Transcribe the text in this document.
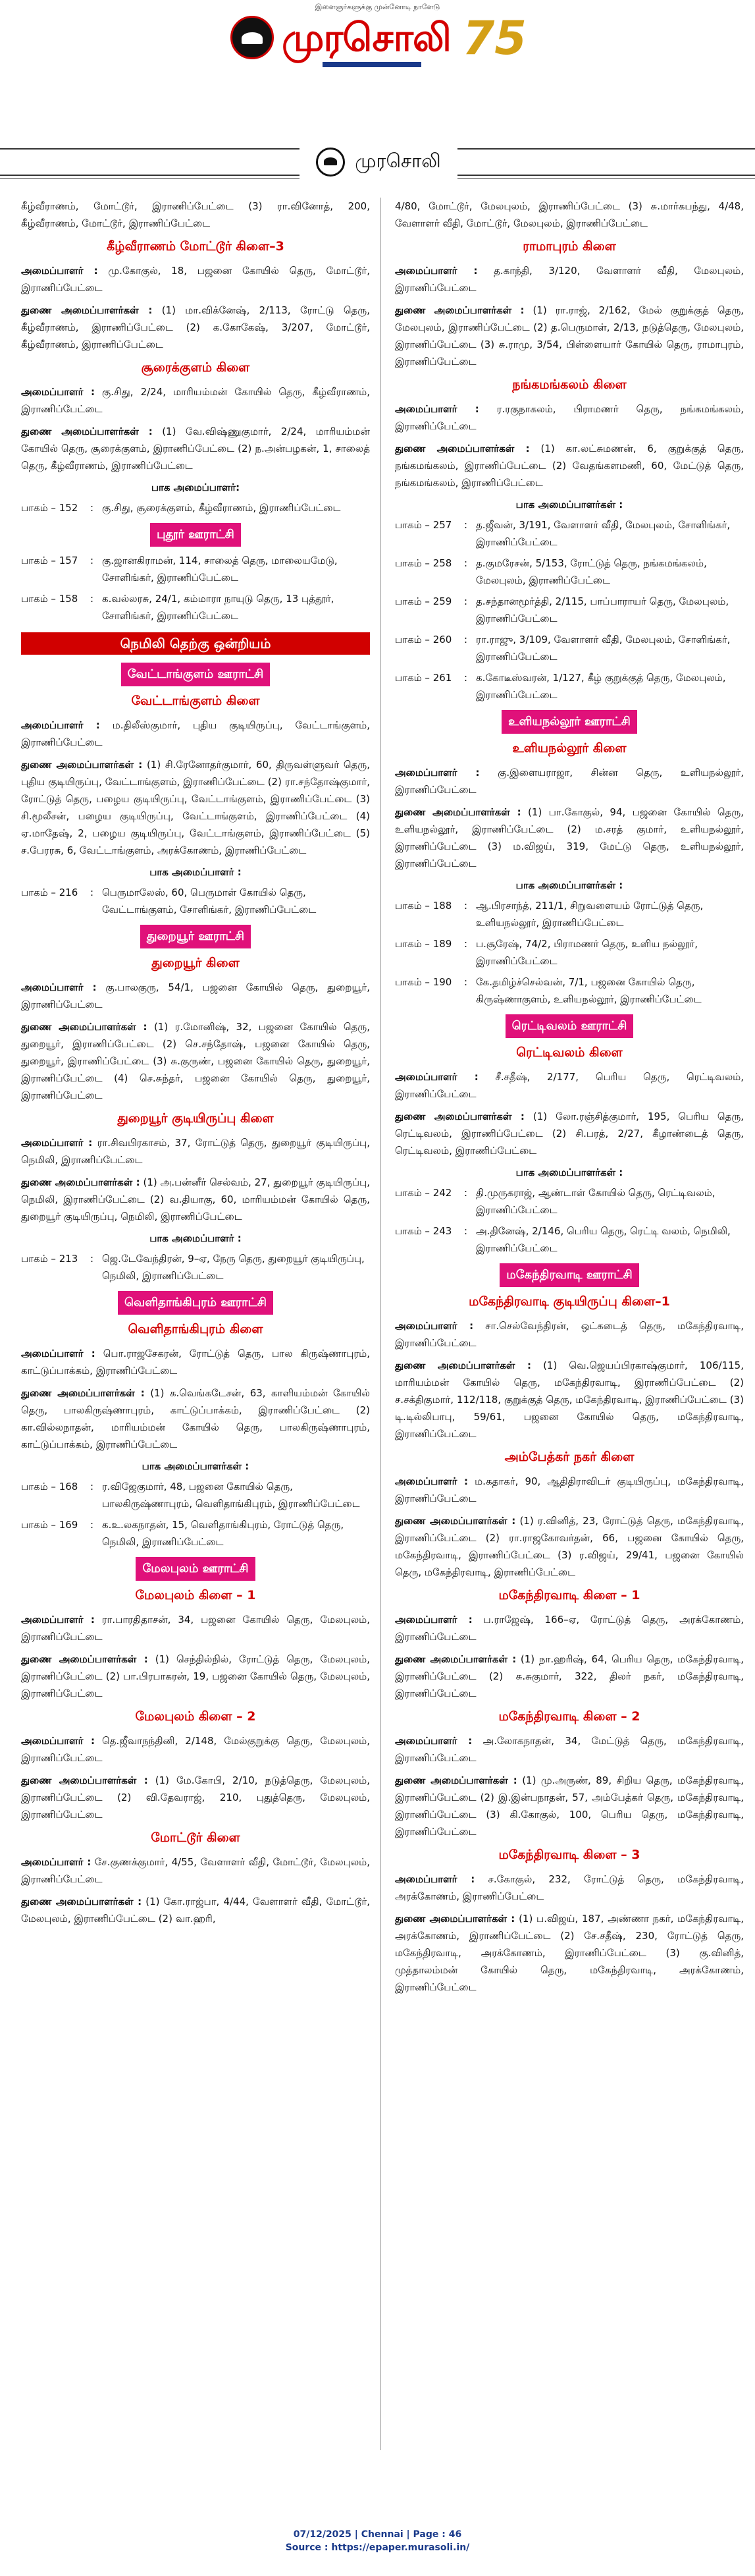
இளைஞர்களுக்கு முன்னோடி நாளேடு
முரசொலி 75
முரசொலி

கீழ்வீராணம், மோட்டூர், இராணிப்பேட்டை (3) ரா.வினோத், 200, கீழ்வீராணம், மோட்டூர், இராணிப்பேட்டை

கீழ்வீராணம் மோட்டூர் கிளை–3

அமைப்பாளர் : மு.கோகுல், 18, பஜனை கோயில் தெரு, மோட்டூர், இராணிப்பேட்டை

துணை அமைப்பாளர்கள் : (1) மா.விக்னேஷ், 2/113, ரோட்டு தெரு, கீழ்வீராணம், இராணிப்பேட்டை (2) க.கோகேஷ், 3/207, மோட்டூர், கீழ்வீராணம், இராணிப்பேட்டை

சூரைக்குளம் கிளை

அமைப்பாளர் : கு.சிது, 2/24, மாரியம்மன் கோயில் தெரு, கீழ்வீராணம், இராணிப்பேட்டை

துணை அமைப்பாளர்கள் : (1) வே.விஷ்ணுகுமார், 2/24, மாரியம்மன் கோயில் தெரு, சூரைக்குளம், இராணிப்பேட்டை (2) ந.அன்பழகன், 1, சாலைத் தெரு, கீழ்வீராணம், இராணிப்பேட்டை

பாக அமைப்பாளர்:
பாகம் – 152	: கு.சிது, சூரைக்குளம், கீழ்வீராணம், இராணிப்பேட்டை
புதூர் ஊராட்சி
பாகம் – 157	: கு.ஜானகிராமன், 114, சாலைத் தெரு, மாலையமேடு, சோளிங்கர், இராணிப்பேட்டை
பாகம் – 158	: க.வல்லரசு, 24/1, கம்மாரா நாயுடு தெரு, 13 புத்தூர், சோளிங்கர், இராணிப்பேட்டை
நெமிலி தெற்கு ஒன்றியம்
வேட்டாங்குளம் ஊராட்சி
வேட்டாங்குளம் கிளை

அமைப்பாளர் : ம.திலீஸ்குமார், புதிய குடியிருப்பு, வேட்டாங்குளம், இராணிப்பேட்டை

துணை அமைப்பாளர்கள் : (1) சி.ரேனோதர்குமார், 60, திருவள்ளுவர் தெரு, புதிய குடியிருப்பு, வேட்டாங்குளம், இராணிப்பேட்டை (2) ரா.சந்தோஷ்குமார், ரோட்டுத் தெரு, பழைய குடியிருப்பு, வேட்டாங்குளம், இராணிப்பேட்டை (3) சி.மூலீசன், பழைய குடியிருப்பு, வேட்டாங்குளம், இராணிப்பேட்டை (4) ஏ.மாதேஷ், 2, பழைய குடியிருப்பு, வேட்டாங்குளம், இராணிப்பேட்டை (5) ச.பேரரசு, 6, வேட்டாங்குளம், அரக்கோணம், இராணிப்பேட்டை

பாக அமைப்பாளர் :
பாகம் – 216	: பெருமாலேஸ், 60, பெருமாள் கோயில் தெரு, வேட்டாங்குளம், சோளிங்கர், இராணிப்பேட்டை
துறையூர் ஊராட்சி
துறையூர் கிளை

அமைப்பாளர் : கு.பாலகுரு, 54/1, பஜனை கோயில் தெரு, துறையூர், இராணிப்பேட்டை

துணை அமைப்பாளர்கள் : (1) ர.மோனிஷ், 32, பஜனை கோயில் தெரு, துறையூர், இராணிப்பேட்டை (2) செ.சந்தோஷ், பஜனை கோயில் தெரு, துறையூர், இராணிப்பேட்டை (3) சு.குருண், பஜனை கோயில் தெரு, துறையூர், இராணிப்பேட்டை (4) செ.சுந்தர், பஜனை கோயில் தெரு, துறையூர், இராணிப்பேட்டை

துறையூர் குடியிருப்பு கிளை

அமைப்பாளர் : ரா.சிவபிரகாசம், 37, ரோட்டுத் தெரு, துறையூர் குடியிருப்பு, நெமிலி, இராணிப்பேட்டை

துணை அமைப்பாளர்கள் : (1) அ.பன்னீர் செல்வம், 27, துறையூர் குடியிருப்பு, நெமிலி, இராணிப்பேட்டை (2) வ.தியாகு, 60, மாரியம்மன் கோயில் தெரு, துறையூர் குடியிருப்பு, நெமிலி, இராணிப்பேட்டை

பாக அமைப்பாளர் :
பாகம் – 213	: ஜெ.டேவேந்திரன், 9–ஏ, நேரு தெரு, துறையூர் குடியிருப்பு, நெமிலி, இராணிப்பேட்டை
வெளிதாங்கிபுரம் ஊராட்சி
வெளிதாங்கிபுரம் கிளை

அமைப்பாளர் : பொ.ராஜசேகரன், ரோட்டுத் தெரு, பால கிருஷ்ணாபுரம், காட்டுப்பாக்கம், இராணிப்பேட்டை

துணை அமைப்பாளர்கள் : (1) க.வெங்கடேசன், 63, காளியம்மன் கோயில் தெரு, பாலகிருஷ்ணாபுரம், காட்டுப்பாக்கம், இராணிப்பேட்டை (2) கா.வில்லநாதன், மாரியம்மன் கோயில் தெரு, பாலகிருஷ்ணாபுரம், காட்டுப்பாக்கம், இராணிப்பேட்டை

பாக அமைப்பாளர்கள் :
பாகம் – 168	: ர.விஜேகுமார், 48, பஜனை கோயில் தெரு, பாலகிருஷ்ணாபுரம், வெளிதாங்கிபுரம், இராணிப்பேட்டை
பாகம் – 169	: க.உ.லகநாதன், 15, வெளிதாங்கிபுரம், ரோட்டுத் தெரு, நெமிலி, இராணிப்பேட்டை
மேலபுலம் ஊராட்சி
மேலபுலம் கிளை – 1

அமைப்பாளர் : ரா.பாரதிதாசன், 34, பஜனை கோயில் தெரு, மேலபுலம், இராணிப்பேட்டை

துணை அமைப்பாளர்கள் : (1) செந்தில்நில், ரோட்டுத் தெரு, மேலபுலம், இராணிப்பேட்டை (2) பா.பிரபாகரன், 19, பஜனை கோயில் தெரு, மேலபுலம், இராணிப்பேட்டை

மேலபுலம் கிளை – 2

அமைப்பாளர் : தெ.ஜீவாநந்தினி, 2/148, மேல்குறுக்கு தெரு, மேலபுலம், இராணிப்பேட்டை

துணை அமைப்பாளர்கள் : (1) மே.கோபி, 2/10, நடுத்தெரு, மேலபுலம், இராணிப்பேட்டை (2) வி.தேவராஜ், 210, புதுத்தெரு, மேலபுலம், இராணிப்பேட்டை

மோட்டூர் கிளை

அமைப்பாளர் : சே.குணக்குமார், 4/55, வேளாளர் வீதி, மோட்டூர், மேலபுலம், இராணிப்பேட்டை

துணை அமைப்பாளர்கள் : (1) கோ.ராஜ்பா, 4/44, வேளாளர் வீதி, மோட்டூர், மேலபுலம், இராணிப்பேட்டை (2) வா.ஹரி,

4/80, மோட்டூர், மேலபுலம், இராணிப்பேட்டை (3) சு.மார்கபந்து, 4/48, வேளாளர் வீதி, மோட்டூர், மேலபுலம், இராணிப்பேட்டை

ராமாபுரம் கிளை

அமைப்பாளர் : த.காந்தி, 3/120, வேளாளர் வீதி, மேலபுலம், இராணிப்பேட்டை

துணை அமைப்பாளர்கள் : (1) ரா.ராஜ், 2/162, மேல் குறுக்குத் தெரு, மேலபுலம், இராணிப்பேட்டை (2) த.பெருமாள், 2/13, நடுத்தெரு, மேலபுலம், இராணிப்பேட்டை (3) சு.ராமு, 3/54, பிள்ளையார் கோயில் தெரு, ராமாபுரம், இராணிப்பேட்டை

நங்கமங்கலம் கிளை

அமைப்பாளர் : ர.ரகுநாகலம், பிராமணர் தெரு, நங்கமங்கலம், இராணிப்பேட்டை

துணை அமைப்பாளர்கள் : (1) கா.லட்சுமணன், 6, குறுக்குத் தெரு, நங்கமங்கலம், இராணிப்பேட்டை (2) வேதங்களமணி, 60, மேட்டுத் தெரு, நங்கமங்கலம், இராணிப்பேட்டை

பாக அமைப்பாளர்கள் :
பாகம் – 257	: த.ஜீவன், 3/191, வேளாளர் வீதி, மேலபுலம், சோளிங்கர், இராணிப்பேட்டை
பாகம் – 258	: த.குமரேசன், 5/153, ரோட்டுத் தெரு, நங்கமங்கலம், மேலபுலம், இராணிப்பேட்டை
பாகம் – 259	: த.சந்தானமூர்த்தி, 2/115, பாப்பாராயர் தெரு, மேலபுலம், இராணிப்பேட்டை
பாகம் – 260	: ரா.ராஜு, 3/109, வேளாளர் வீதி, மேலபுலம், சோளிங்கர், இராணிப்பேட்டை
பாகம் – 261	: க.கோடீஸ்வரன், 1/127, கீழ் குறுக்குத் தெரு, மேலபுலம், இராணிப்பேட்டை
உளியநல்லூர் ஊராட்சி
உளியநல்லூர் கிளை

அமைப்பாளர் : கு.இளையராஜா, சின்ன தெரு, உளியநல்லூர், இராணிப்பேட்டை

துணை அமைப்பாளர்கள் : (1) பா.கோகுல், 94, பஜனை கோயில் தெரு, உளியநல்லூர், இராணிப்பேட்டை (2) ம.சரத் குமார், உளியநல்லூர், இராணிப்பேட்டை (3) ம.விஜய், 319, மேட்டு தெரு, உளியநல்லூர், இராணிப்பேட்டை

பாக அமைப்பாளர்கள் :
பாகம் – 188	: ஆ.பிரசாந்த், 211/1, சிறுவளையம் ரோட்டுத் தெரு, உளியநல்லூர், இராணிப்பேட்டை
பாகம் – 189	: ப.சூரேஷ், 74/2, பிராமணர் தெரு, உளிய நல்லூர், இராணிப்பேட்டை
பாகம் – 190	: கே.தமிழ்ச்செல்வன், 7/1, பஜனை கோயில் தெரு, கிருஷ்ணாகுளம், உளியநல்லூர், இராணிப்பேட்டை
ரெட்டிவலம் ஊராட்சி
ரெட்டிவலம் கிளை

அமைப்பாளர் : சீ.சதீஷ், 2/177, பெரிய தெரு, ரெட்டிவலம், இராணிப்பேட்டை

துணை அமைப்பாளர்கள் : (1) லோ.ரஞ்சித்குமார், 195, பெரிய தெரு, ரெட்டிவலம், இராணிப்பேட்டை (2) சி.பரத், 2/27, கீழாண்டைத் தெரு, ரெட்டிவலம், இராணிப்பேட்டை

பாக அமைப்பாளர்கள் :
பாகம் – 242	: தி.முருகராஜ், ஆண்டாள் கோயில் தெரு, ரெட்டிவலம், இராணிப்பேட்டை
பாகம் – 243	: அ.தினேஷ், 2/146, பெரிய தெரு, ரெட்டி வலம், நெமிலி, இராணிப்பேட்டை
மகேந்திரவாடி ஊராட்சி
மகேந்திரவாடி குடியிருப்பு கிளை–1

அமைப்பாளர் : சா.செல்வேந்திரன், ஒட்கடைத் தெரு, மகேந்திரவாடி, இராணிப்பேட்டை

துணை அமைப்பாளர்கள் : (1) வெ.ஜெயப்பிரகாஷ்குமார், 106/115, மாரியம்மன் கோயில் தெரு, மகேந்திரவாடி, இராணிப்பேட்டை (2) ச.சக்திகுமார், 112/118, குறுக்குத் தெரு, மகேந்திரவாடி, இராணிப்பேட்டை (3) டி.டில்லிபாபு, 59/61, பஜனை கோயில் தெரு, மகேந்திரவாடி, இராணிப்பேட்டை

அம்பேத்கர் நகர் கிளை

அமைப்பாளர் : ம.கதாகர், 90, ஆதிதிராவிடர் குடியிருப்பு, மகேந்திரவாடி, இராணிப்பேட்டை

துணை அமைப்பாளர்கள் : (1) ர.வினித், 23, ரோட்டுத் தெரு, மகேந்திரவாடி, இராணிப்பேட்டை (2) ரா.ராஜகோவர்தன், 66, பஜனை கோயில் தெரு, மகேந்திரவாடி, இராணிப்பேட்டை (3) ர.விஜய், 29/41, பஜனை கோயில் தெரு, மகேந்திரவாடி, இராணிப்பேட்டை

மகேந்திரவாடி கிளை – 1

அமைப்பாளர் : ப.ராஜேஷ், 166–ஏ, ரோட்டுத் தெரு, அரக்கோணம், இராணிப்பேட்டை

துணை அமைப்பாளர்கள் : (1) நா.ஹரிஷ், 64, பெரிய தெரு, மகேந்திரவாடி, இராணிப்பேட்டை (2) சு.சுகுமார், 322, திலர் நகர், மகேந்திரவாடி, இராணிப்பேட்டை

மகேந்திரவாடி கிளை – 2

அமைப்பாளர் : அ.லோகநாதன், 34, மேட்டுத் தெரு, மகேந்திரவாடி, இராணிப்பேட்டை

துணை அமைப்பாளர்கள் : (1) மு.அருண், 89, சிறிய தெரு, மகேந்திரவாடி, இராணிப்பேட்டை (2) இ.இன்பநாதன், 57, அம்பேத்கர் தெரு, மகேந்திரவாடி, இராணிப்பேட்டை (3) கி.கோகுல், 100, பெரிய தெரு, மகேந்திரவாடி, இராணிப்பேட்டை

மகேந்திரவாடி கிளை – 3

அமைப்பாளர் : ச.கோகுல், 232, ரோட்டுத் தெரு, மகேந்திரவாடி, அரக்கோணம், இராணிப்பேட்டை

துணை அமைப்பாளர்கள் : (1) ப.விஜய், 187, அண்ணா நகர், மகேந்திரவாடி, அரக்கோணம், இராணிப்பேட்டை (2) சே.சதீஷ், 230, ரோட்டுத் தெரு, மகேந்திரவாடி, அரக்கோணம், இராணிப்பேட்டை (3) கு.வினித், முத்தாலம்மன் கோயில் தெரு, மகேந்திரவாடி, அரக்கோணம், இராணிப்பேட்டை

07/12/2025 | Chennai | Page : 46
Source : https://epaper.murasoli.in/
